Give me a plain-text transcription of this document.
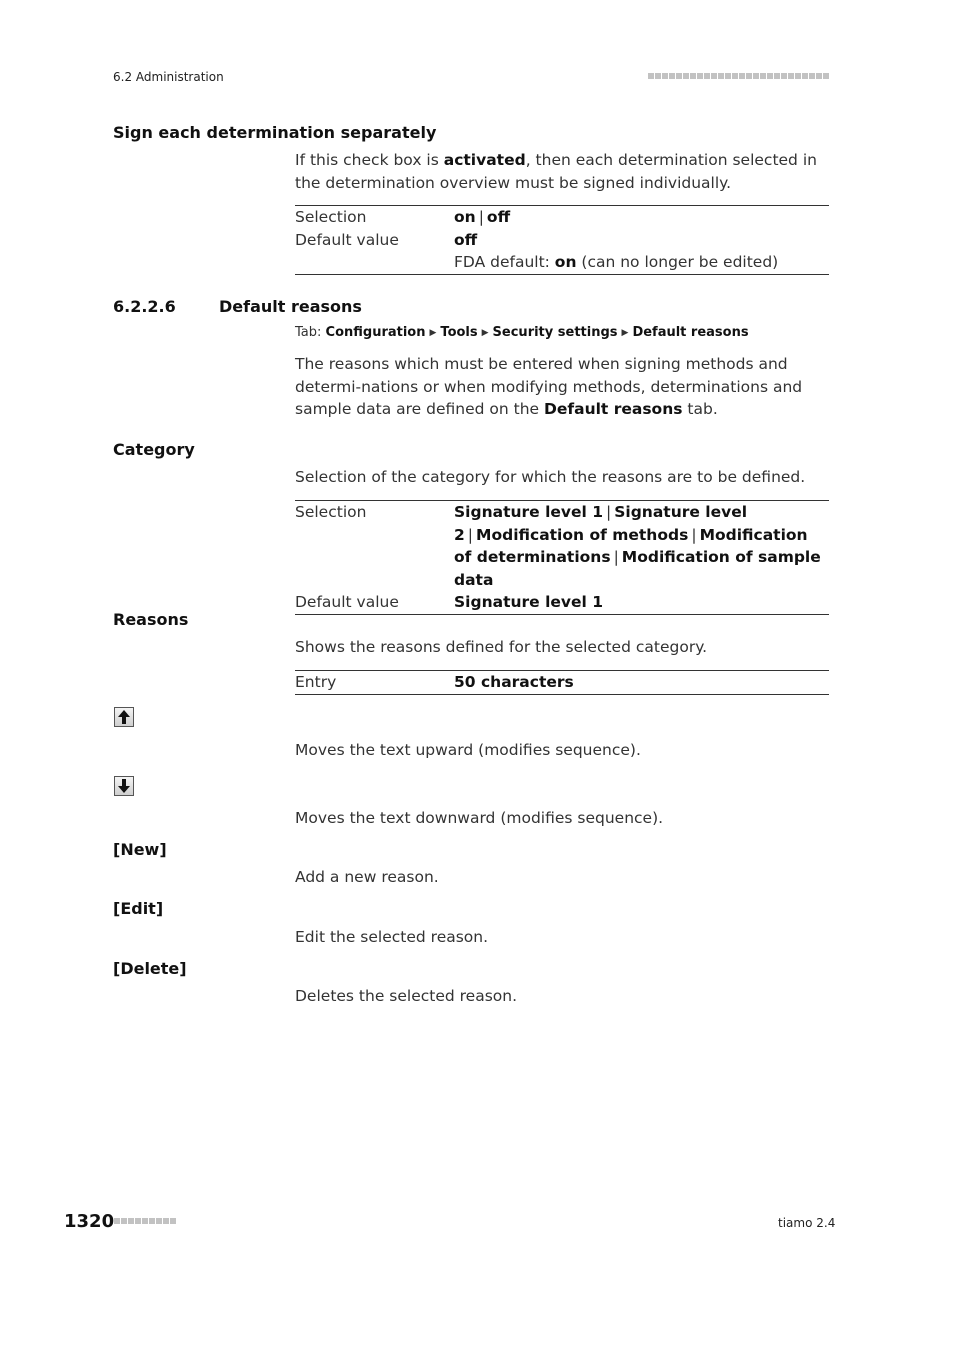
6.2 Administration
Sign each determination separately
If this check box is activated, then each determination selected in the determination overview must be signed individually.
Selection	on | off
Default value	off
FDA default: on (can no longer be edited)
6.2.2.6	Default reasons
Tab: Configuration ▶ Tools ▶ Security settings ▶ Default reasons
The reasons which must be entered when signing methods and determi-nations or when modifying methods, determinations and sample data are defined on the Default reasons tab.
Category
Selection of the category for which the reasons are to be defined.
Selection	Signature level 1 | Signature level 2 | Modification of methods | Modification of determinations | Modification of sample data
Default value	Signature level 1
Reasons
Shows the reasons defined for the selected category.
Entry	50 characters
Moves the text upward (modifies sequence).
Moves the text downward (modifies sequence).
[New]
Add a new reason.
[Edit]
Edit the selected reason.
[Delete]
Deletes the selected reason.
1320	tiamo 2.4
